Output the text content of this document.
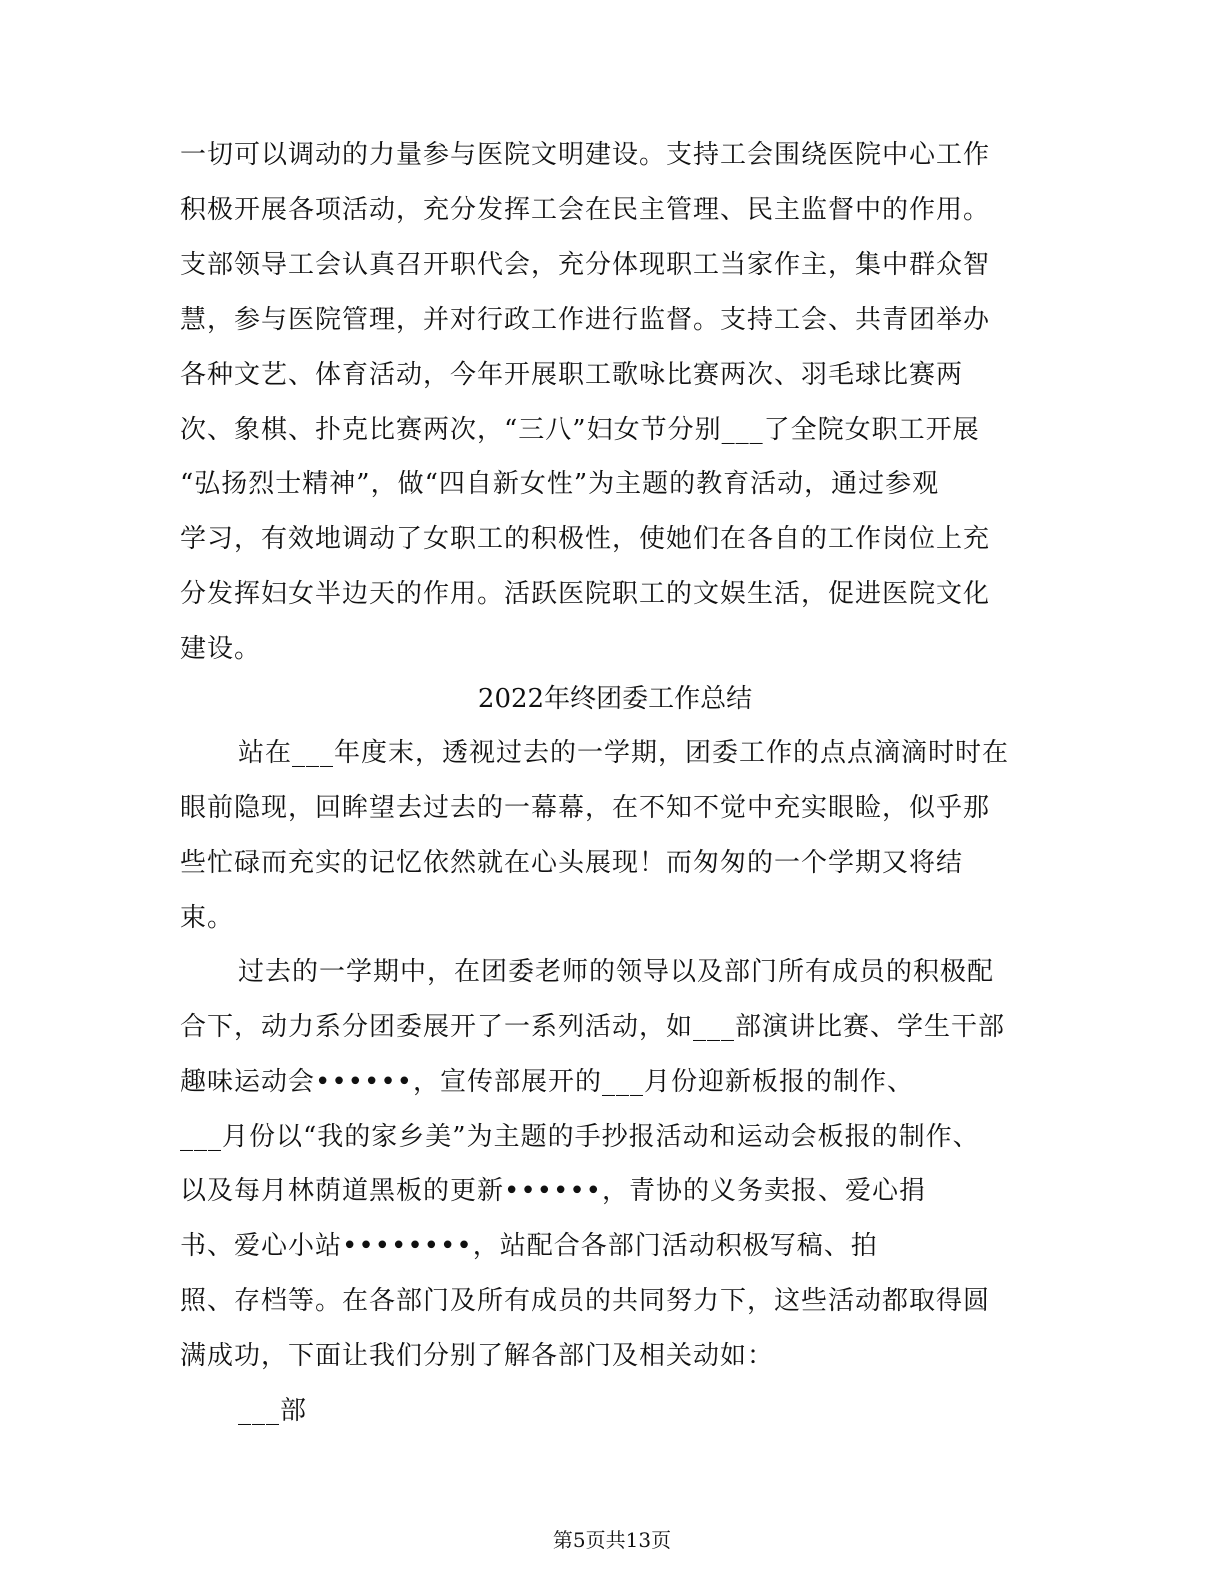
一切可以调动的力量参与医院文明建设。支持工会围绕医院中心工作
积极开展各项活动，充分发挥工会在民主管理、民主监督中的作用。
支部领导工会认真召开职代会，充分体现职工当家作主，集中群众智
慧，参与医院管理，并对行政工作进行监督。支持工会、共青团举办
各种文艺、体育活动，今年开展职工歌咏比赛两次、羽毛球比赛两
次、象棋、扑克比赛两次，“三八”妇女节分别___了全院女职工开展
“弘扬烈士精神”，做“四自新女性”为主题的教育活动，通过参观
学习，有效地调动了女职工的积极性，使她们在各自的工作岗位上充
分发挥妇女半边天的作用。活跃医院职工的文娱生活，促进医院文化
建设。
2022年终团委工作总结
站在___年度末，透视过去的一学期，团委工作的点点滴滴时时在
眼前隐现，回眸望去过去的一幕幕，在不知不觉中充实眼睑，似乎那
些忙碌而充实的记忆依然就在心头展现！而匆匆的一个学期又将结
束。
过去的一学期中，在团委老师的领导以及部门所有成员的积极配
合下，动力系分团委展开了一系列活动，如___部演讲比赛、学生干部
趣味运动会••••••，宣传部展开的___月份迎新板报的制作、
___月份以“我的家乡美”为主题的手抄报活动和运动会板报的制作、
以及每月林荫道黑板的更新••••••，青协的义务卖报、爱心捐
书、爱心小站••••••••，站配合各部门活动积极写稿、拍
照、存档等。在各部门及所有成员的共同努力下，这些活动都取得圆
满成功，下面让我们分别了解各部门及相关动如：
___部
第5页共13页
